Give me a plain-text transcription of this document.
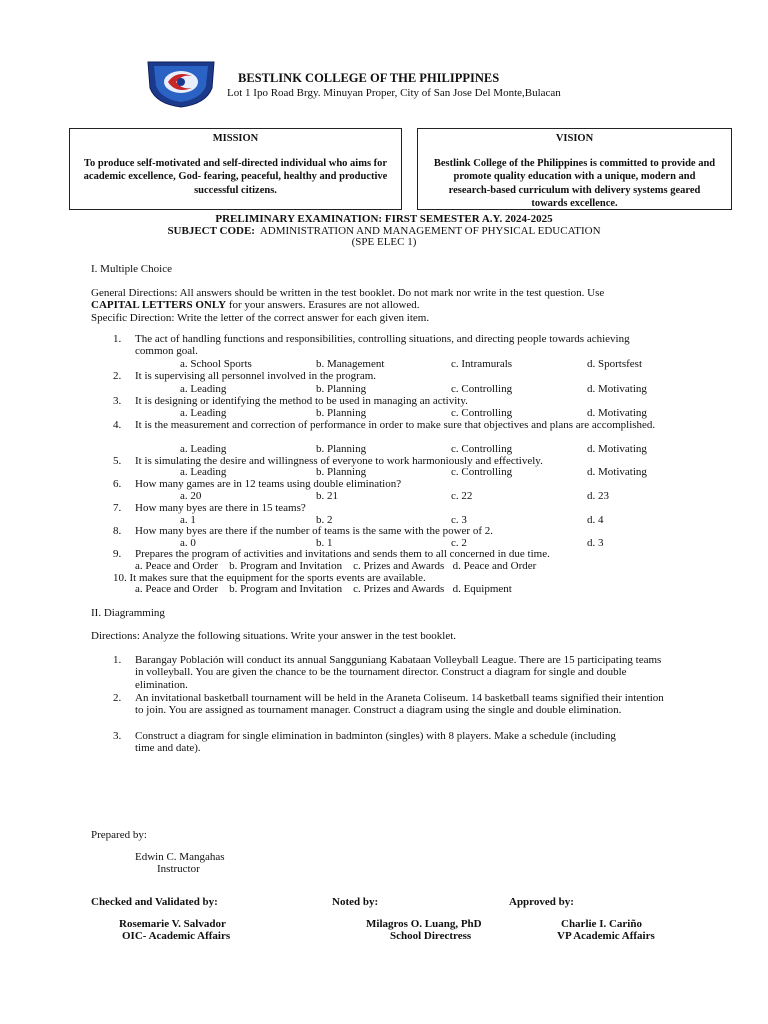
BESTLINK COLLEGE OF THE PHILIPPINES
Lot 1 Ipo Road Brgy. Minuyan Proper, City of San Jose Del Monte,Bulacan
MISSION
To produce self-motivated and self-directed individual who aims for academic excellence, God- fearing, peaceful, healthy and productive successful citizens.
VISION
Bestlink College of the Philippines is committed to provide and promote quality education with a unique, modern and research-based curriculum with delivery systems geared towards excellence.
PRELIMINARY EXAMINATION: FIRST SEMESTER A.Y. 2024-2025
SUBJECT CODE: ADMINISTRATION AND MANAGEMENT OF PHYSICAL EDUCATION
(SPE ELEC 1)
I. Multiple Choice
General Directions: All answers should be written in the test booklet. Do not mark nor write in the test question. Use
CAPITAL LETTERS ONLY for your answers. Erasures are not allowed.
Specific Direction: Write the letter of the correct answer for each given item.
1. The act of handling functions and responsibilities, controlling situations, and directing people towards achieving common goal.
a. School Sports	b. Management	c. Intramurals	d. Sportsfest
2. It is supervising all personnel involved in the program.
a. Leading	b. Planning	c. Controlling	d. Motivating
3. It is designing or identifying the method to be used in managing an activity.
a. Leading	b. Planning	c. Controlling	d. Motivating
4. It is the measurement and correction of performance in order to make sure that objectives and plans are accomplished.
a. Leading	b. Planning	c. Controlling	d. Motivating
5. It is simulating the desire and willingness of everyone to work harmoniously and effectively.
a. Leading	b. Planning	c. Controlling	d. Motivating
6. How many games are in 12 teams using double elimination?
a. 20	b. 21	c. 22	d. 23
7. How many byes are there in 15 teams?
a. 1	b. 2	c. 3	d. 4
8. How many byes are there if the number of teams is the same with the power of 2.
a. 0	b. 1	c. 2	d. 3
9. Prepares the program of activities and invitations and sends them to all concerned in due time.
a. Peace and Order    b. Program and Invitation    c. Prizes and Awards   d. Peace and Order
10. It makes sure that the equipment for the sports events are available.
a. Peace and Order    b. Program and Invitation    c. Prizes and Awards   d. Equipment
II. Diagramming
Directions: Analyze the following situations. Write your answer in the test booklet.
1. Barangay Población will conduct its annual Sangguniang Kabataan Volleyball League. There are 15 participating teams in volleyball. You are given the chance to be the tournament director. Construct a diagram for single and double elimination.
2. An invitational basketball tournament will be held in the Araneta Coliseum. 14 basketball teams signified their intention to join. You are assigned as tournament manager. Construct a diagram using the single and double elimination.
3. Construct a diagram for single elimination in badminton (singles) with 8 players. Make a schedule (including time and date).
Prepared by:
Edwin C. Mangahas
Instructor
Checked and Validated by:	Noted by:	Approved by:
Rosemarie V. Salvador
OIC- Academic Affairs
Milagros O. Luang, PhD
School Directress
Charlie I. Cariño
VP Academic Affairs
